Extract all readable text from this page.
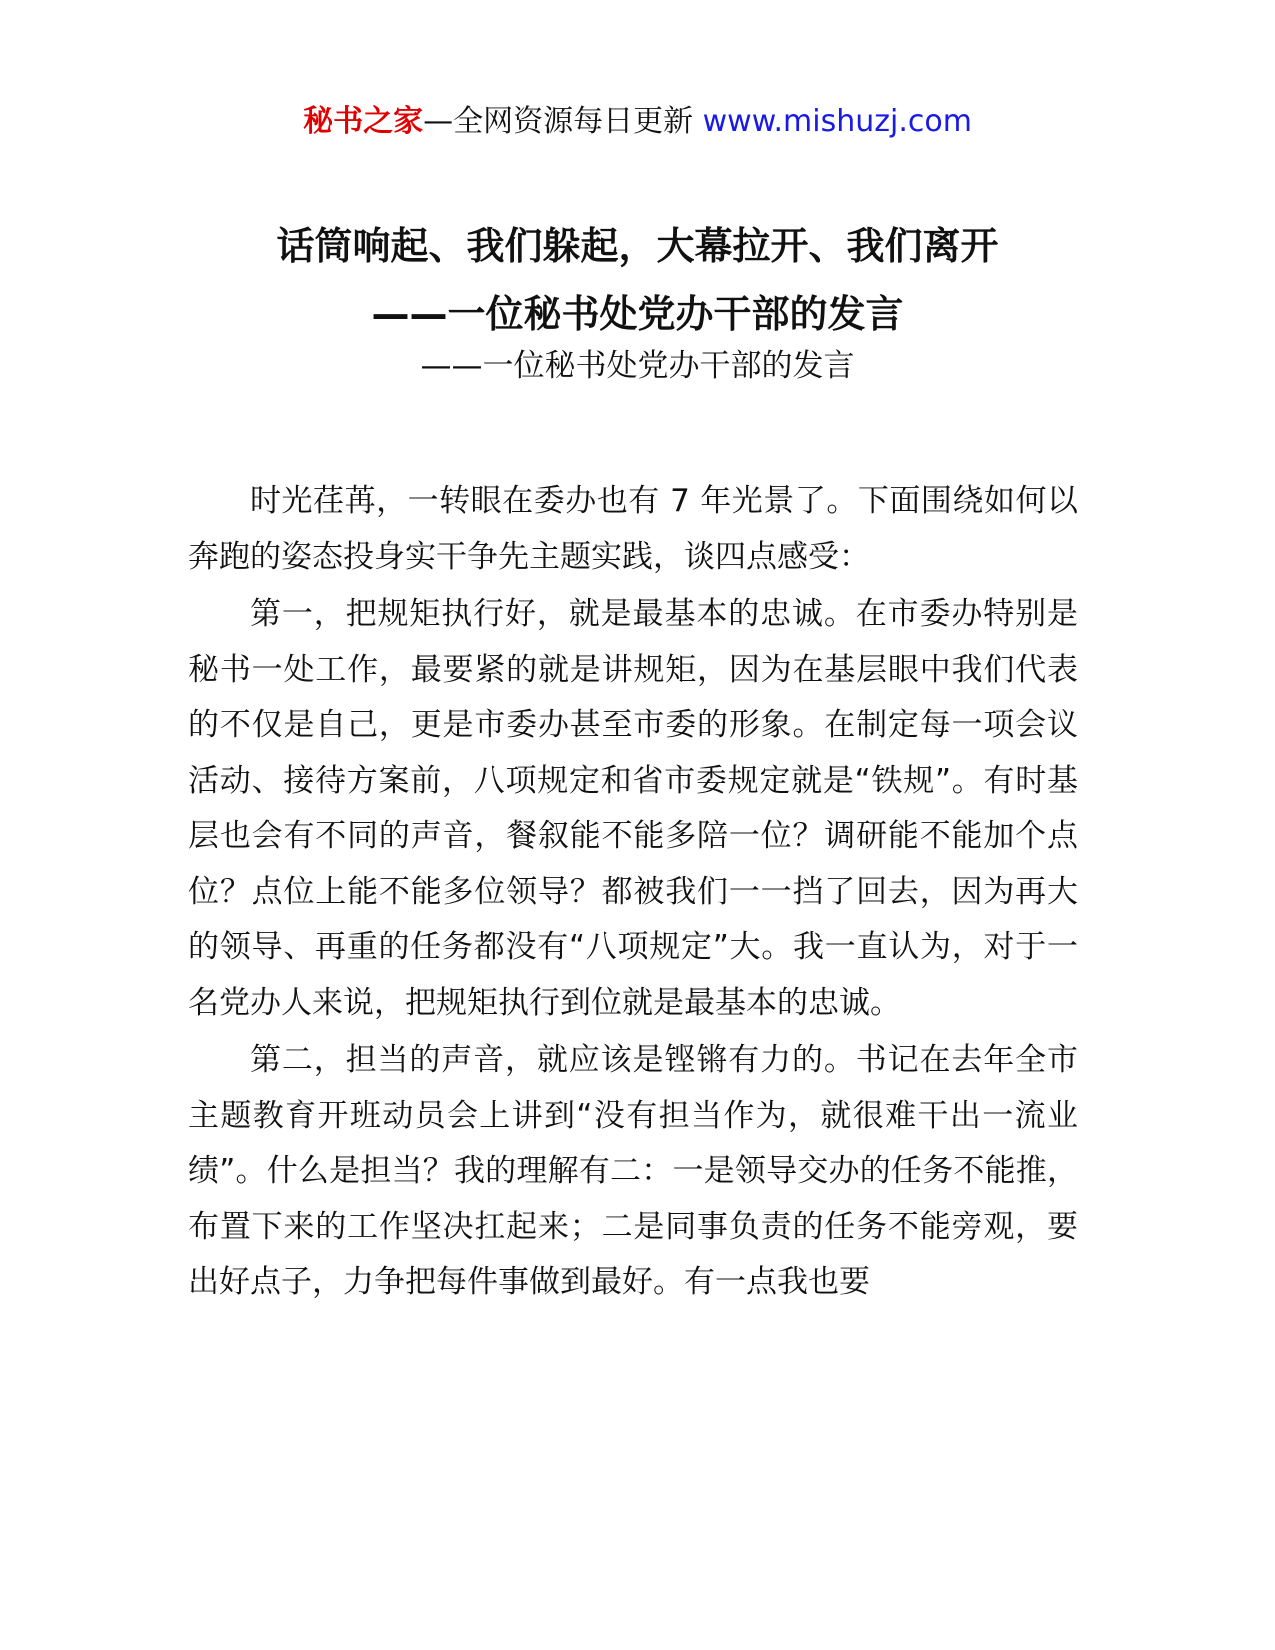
秘书之家—全网资源每日更新 www.mishuzj.com
话筒响起、我们躲起，大幕拉开、我们离开
——一位秘书处党办干部的发言
——一位秘书处党办干部的发言

时光荏苒，一转眼在委办也有 7 年光景了。下面围绕如何以奔跑的姿态投身实干争先主题实践，谈四点感受：

第一，把规矩执行好，就是最基本的忠诚。在市委办特别是秘书一处工作，最要紧的就是讲规矩，因为在基层眼中我们代表的不仅是自己，更是市委办甚至市委的形象。在制定每一项会议活动、接待方案前，八项规定和省市委规定就是“铁规”。有时基层也会有不同的声音，餐叙能不能多陪一位？调研能不能加个点位？点位上能不能多位领导？都被我们一一挡了回去，因为再大的领导、再重的任务都没有“八项规定”大。我一直认为，对于一名党办人来说，把规矩执行到位就是最基本的忠诚。

第二，担当的声音，就应该是铿锵有力的。书记在去年全市主题教育开班动员会上讲到“没有担当作为，就很难干出一流业绩”。什么是担当？我的理解有二：一是领导交办的任务不能推，布置下来的工作坚决扛起来；二是同事负责的任务不能旁观，要出好点子，力争把每件事做到最好。有一点我也要
